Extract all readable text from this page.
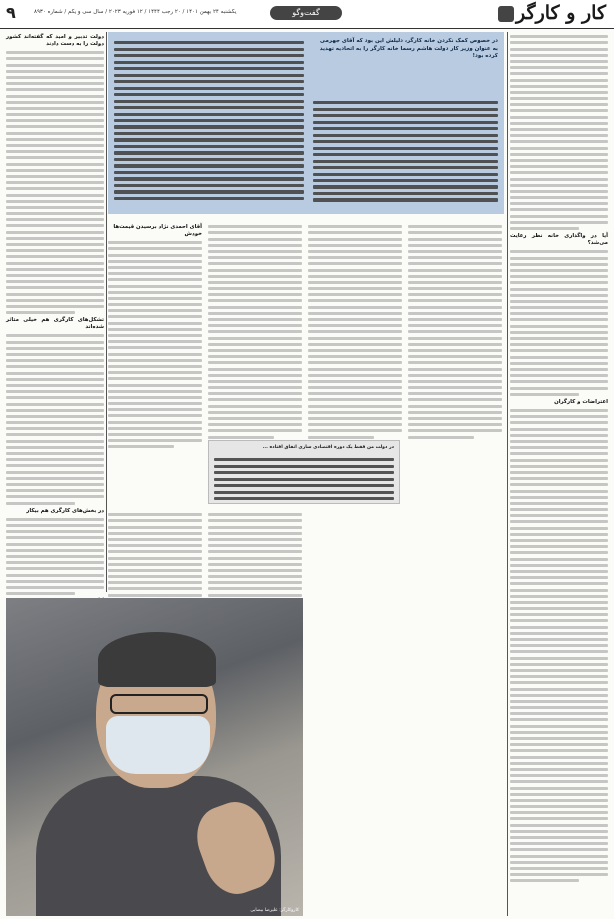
کار و کارگر
گفت‌وگو
یکشنبه ۲۴ بهمن ۱۴۰۱ / ۲۰ رجب ۱۴۴۴ / ۱۲ فوریه ۲۰۲۳ / سال سی و یکم / شماره ۸۹۳۰
۹
آیا در واگذاری خانه نظر رعایت می‌شد؟
اعتراضات و کارگران
در خصوص کمک نکردن خانه کارگر، دلیلش این بود که آقای جهرمی به عنوان وزیر کار دولت هاشم رسما خانه کارگر را به اتحادیه تهدید کرده بود!
دولت تدبیر و امید که گفته‌اند کشور دولت را به دست دادند
تشکل‌های کارگری هم خیلی متاثر شده‌اند
در بخش‌های کارگری هم بیکار
آقای احمدی نژاد برسیدن قیمت‌ها خودش
در دولت من فقط یک دوره اقتصادی سازی اتفاق افتاده ...
کاروکارگر: علیرضا بیضایی
